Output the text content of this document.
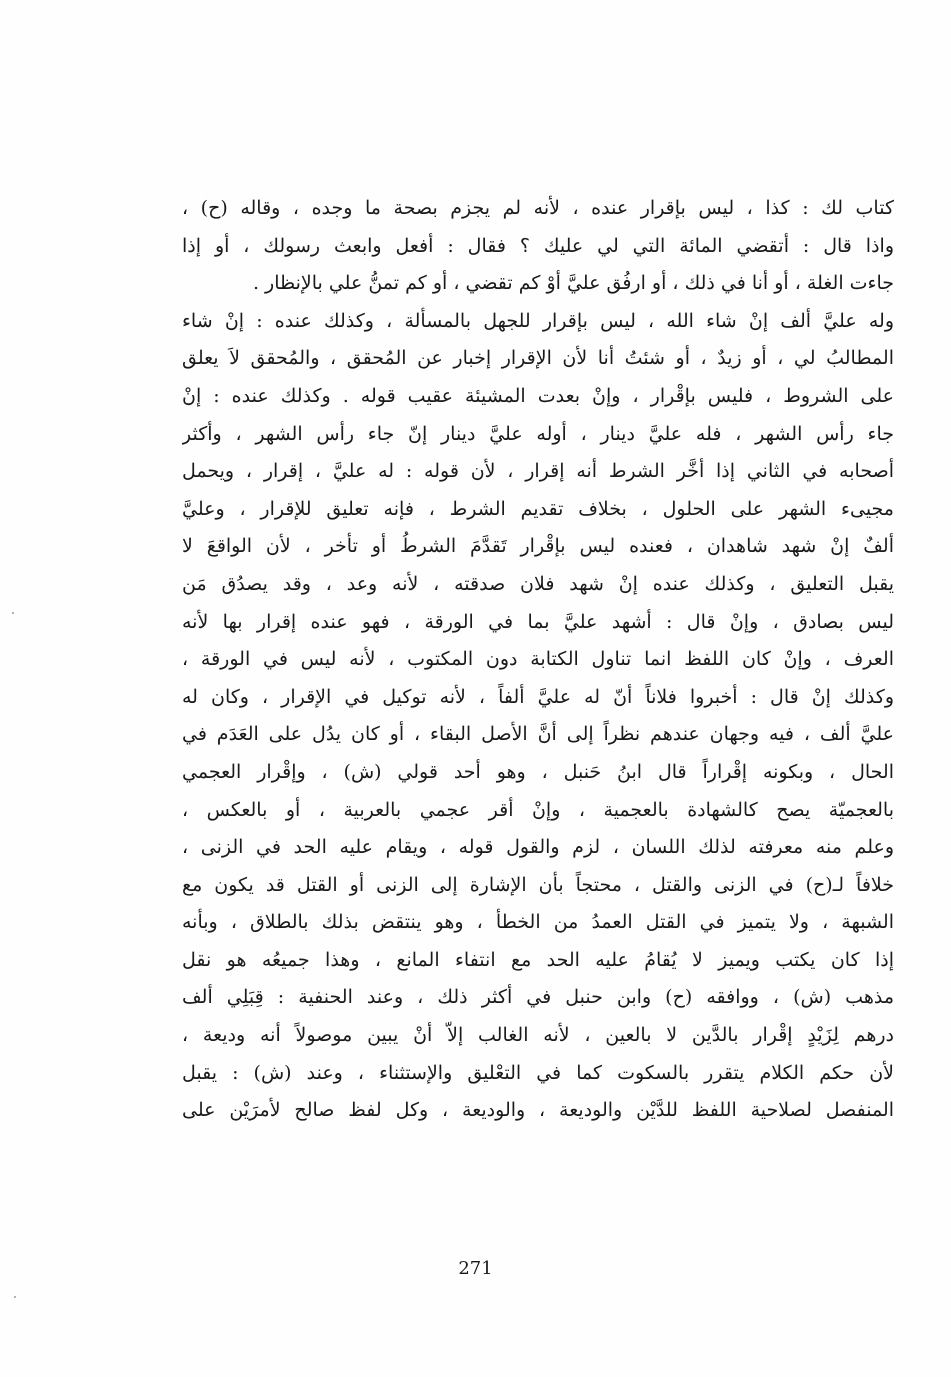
كتاب لك : كذا ، ليس بإقرار عنده ، لأنه لم يجزم بصحة ما وجده ، وقاله (ح) ،
واذا قال : أتقضي المائة التي لي عليك ؟ فقال : أفعل وابعث رسولك ، أو إذا
جاءت الغلة ، أو أنا في ذلك ، أو ارفُق عليَّ أوْ كم تقضي ، أو كم تمنُّ علي بالإنظار .
وله عليَّ ألف إنْ شاء الله ، ليس بإقرار للجهل بالمسألة ، وكذلك عنده : إنْ شاء
المطالبُ لي ، أو زيدٌ ، أو شئتُ أنا لأن الإقرار إخبار عن المُحقق ، والمُحقق لاَ يعلق
على الشروط ، فليس بإقْرار ، وإنْ بعدت المشيئة عقيب قوله . وكذلك عنده : إنْ
جاء رأس الشهر ، فله عليَّ دينار ، أوله عليَّ دينار إنّ جاء رأس الشهر ، وأكثر
أصحابه في الثاني إذا أخَّر الشرط أنه إقرار ، لأن قوله : له عليَّ ، إقرار ، ويحمل
مجيىء الشهر على الحلول ، بخلاف تقديم الشرط ، فإنه تعليق للإقرار ، وعليَّ
ألفٌ إنْ شهد شاهدان ، فعنده ليس بإقْرار تَقدَّمَ الشرطُ أو تأخر ، لأن الواقعَ لا
يقبل التعليق ، وكذلك عنده إنْ شهد فلان صدقته ، لأنه وعد ، وقد يصدُق مَن
ليس بصادق ، وإنْ قال : أشهد عليَّ بما في الورقة ، فهو عنده إقرار بها لأنه
العرف ، وإنْ كان اللفظ انما تناول الكتابة دون المكتوب ، لأنه ليس في الورقة ،
وكذلك إنْ قال : أخبروا فلاناً أنّ له عليَّ ألفاً ، لأنه توكيل في الإقرار ، وكان له
عليَّ ألف ، فيه وجهان عندهم نظراً إلى أنَّ الأصل البقاء ، أو كان يدُل على العَدَم في
الحال ، وبكونه إقْراراً قال ابنُ حَنبل ، وهو أحد قولي (ش) ، وإقْرار العجمي
بالعجميّة يصح كالشهادة بالعجمية ، وإنْ أقر عجمي بالعربية ، أو بالعكس ،
وعلم منه معرفته لذلك اللسان ، لزم والقول قوله ، ويقام عليه الحد في الزنى ،
خلافاً لـ(ح) في الزنى والقتل ، محتجاً بأن الإشارة إلى الزنى أو القتل قد يكون مع
الشبهة ، ولا يتميز في القتل العمدُ من الخطأ ، وهو ينتقض بذلك بالطلاق ، وبأنه
إذا كان يكتب ويميز لا يُقامُ عليه الحد مع انتفاء المانع ، وهذا جميعُه هو نقل
مذهب (ش) ، ووافقه (ح) وابن حنبل في أكثر ذلك ، وعند الحنفية : قِبَلِي ألف
درهم لِزَيْدٍ إقْرار بالدَّين لا بالعين ، لأنه الغالب إلاّ أنْ يبين موصولاً أنه وديعة ،
لأن حكم الكلام يتقرر بالسكوت كما في التعْليق والإستثناء ، وعند (ش) : يقبل
المنفصل لصلاحية اللفظ للدَّيْن والوديعة ، والوديعة ، وكل لفظ صالح لأمرَيْن على
271
